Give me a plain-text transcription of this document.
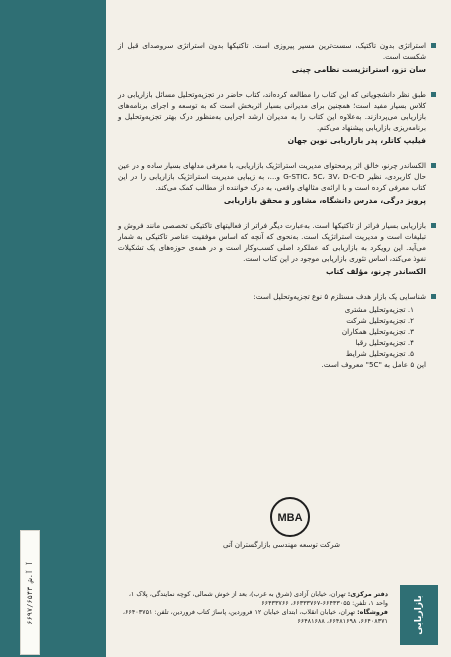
۶۶۹۷/۶۵۴۳ آ آ.ش
استراتژی بدون تاکتیک، سست‌ترین مسیر پیروزی است. تاکتیکها بدون استراتژی سروصدای قبل از شکست است.
سان تزو، استراتژیست نظامی چینی
طبق نظر دانشجویانی که این کتاب را مطالعه کرده‌اند، کتاب حاضر در تجزیه‌وتحلیل مسائل بازاریابی در کلاس بسیار مفید است؛ همچنین برای مدیرانی بسیار اثربخش است که به توسعه و اجرای برنامه‌های بازاریابی می‌پردازند. به‌علاوه این کتاب را به مدیران ارشد اجرایی به‌منظور درک بهتر تجزیه‌وتحلیل و برنامه‌ریزی بازاریابی پیشنهاد می‌کنم.
فیلیپ کاتلر، پدر بازاریابی نوین جهان
الکساندر چرنو، خالق اثر پرمحتوای مدیریت استراتژیک بازاریابی، با معرفی مدلهای بسیار ساده و در عین حال کاربردی، نظیر G-STIC، 5C، 3V، D-C-D و...، به زیبایی مدیریت استراتژیک بازاریابی را در این کتاب معرفی کرده است و با ارائه‌ی مثالهای واقعی، به درک خواننده از مطالب کمک می‌کند.
پرویز درگی، مدرس دانشگاه، مشاور و محقق بازاریابی
بازاریابی بسیار فراتر از تاکتیکها است. به‌عبارت دیگر فراتر از فعالیتهای تاکتیکی تخصصی مانند فروش و تبلیغات است و مدیریت استراتژیک است. به‌نحوی که آنچه که اساس موفقیت عناصر تاکتیکی به شمار می‌آید. این رویکرد به بازاریابی که عملکرد اصلی کسب‌وکار است و در همه‌ی حوزه‌های یک تشکیلات نفوذ می‌کند، اساس تئوری بازاریابی موجود در این کتاب است.
الکساندر چرنو، مؤلف کتاب
شناسایی یک بازار هدف مستلزم ۵ نوع تجزیه‌وتحلیل است:
۱. تجزیه‌وتحلیل مشتری
۲. تجزیه‌وتحلیل شرکت
۳. تجزیه‌وتحلیل همکاران
۴. تجزیه‌وتحلیل رقبا
۵. تجزیه‌وتحلیل شرایط
این ۵ عامل به "5C" معروف است.
MBA
شرکت توسعه مهندسی بازارگستران آتی
دفتر مرکزی: تهران، خیابان آزادی (شرق به غرب)، بعد از خوش شمالی، کوچه نمایندگی، پلاک ۱، واحد ۱، تلفن: ۶۶۴۳۳۰۵۵-۶۶۳۳۳۷۶۷، ۶۶۴۳۳۷۶۶
فروشگاه: تهران، خیابان انقلاب، ابتدای خیابان ۱۲ فروردین، پاساژ کتاب فروردین، تلفن: ۶۶۴۰۳۷۵۱، ۶۶۴۰۸۳۷۱، ۶۶۴۸۱۶۹۸، ۶۶۴۸۱۶۸۸	بازاریابی
